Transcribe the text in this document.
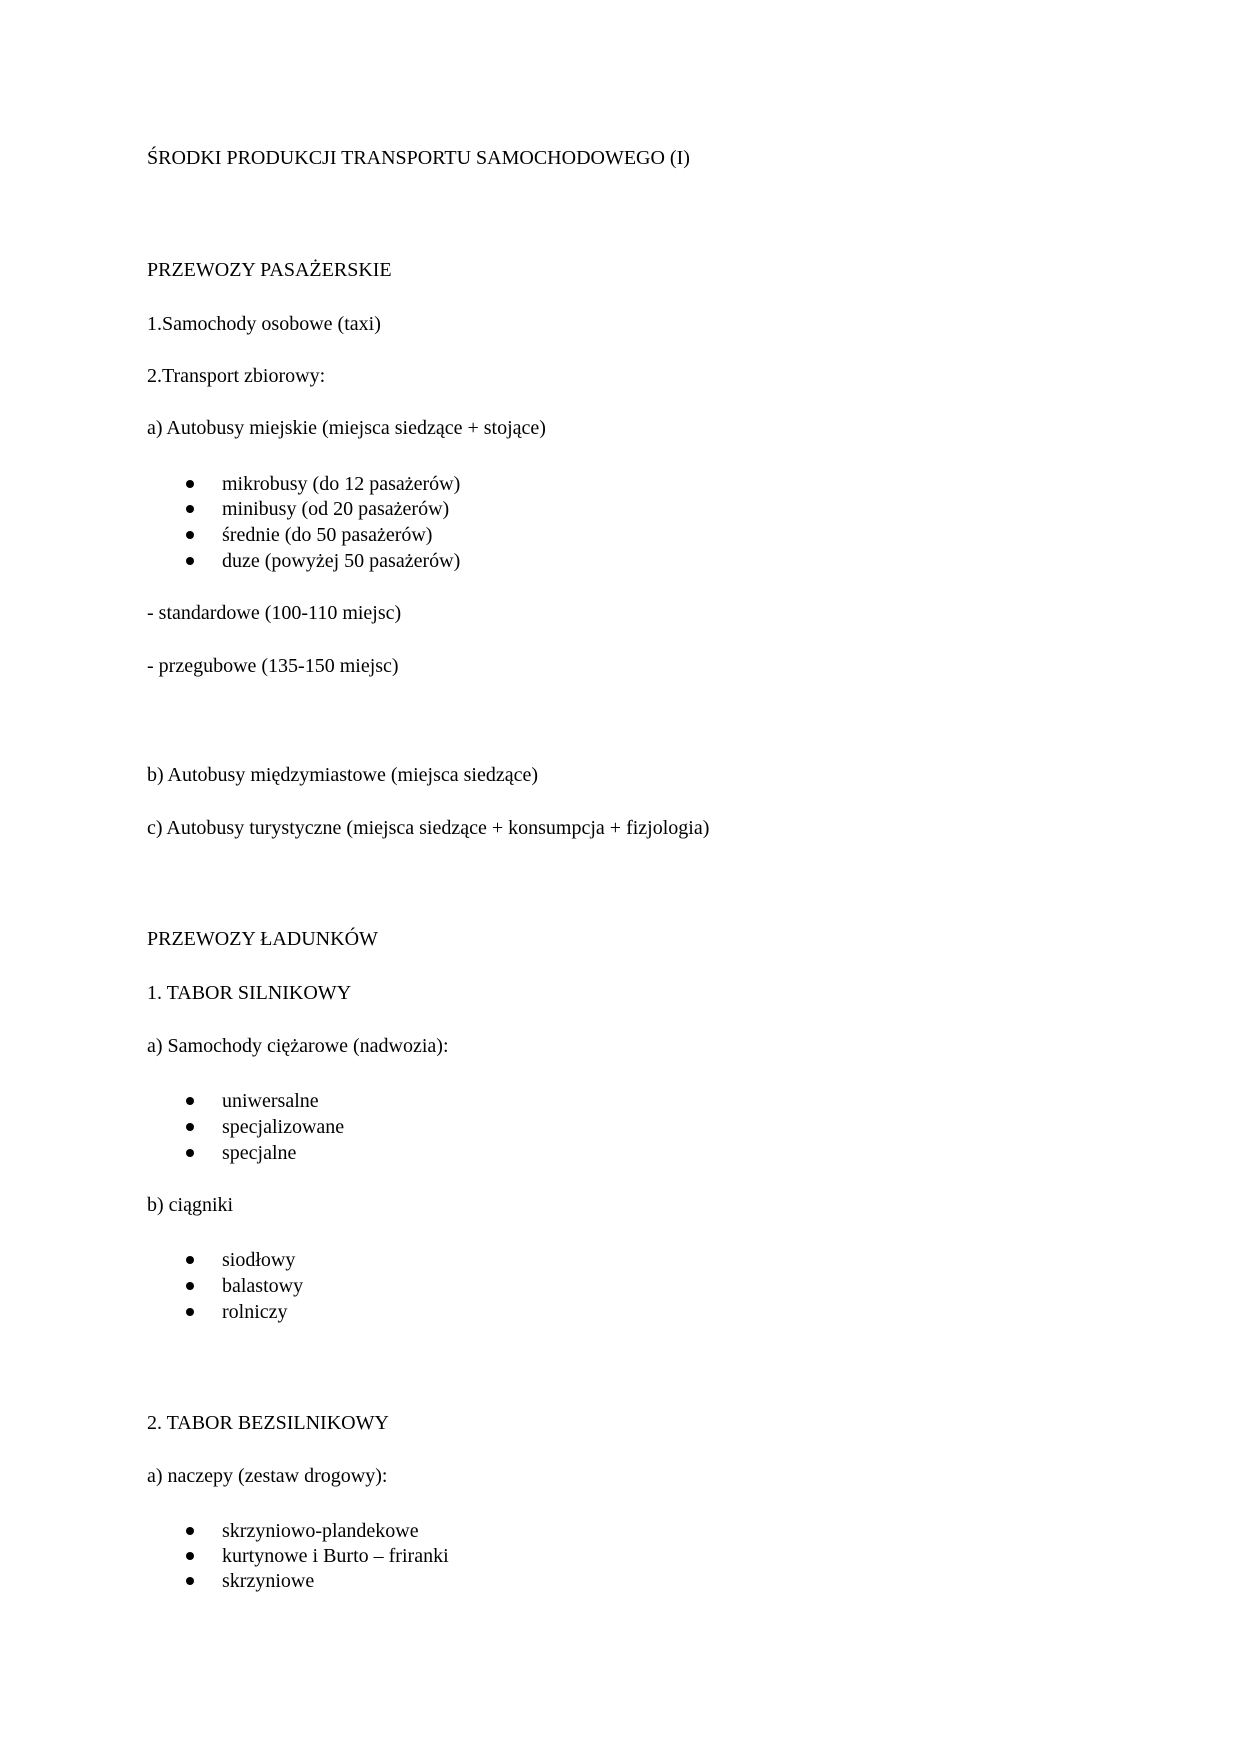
ŚRODKI PRODUKCJI TRANSPORTU SAMOCHODOWEGO (I)
PRZEWOZY PASAŻERSKIE
1.Samochody osobowe (taxi)
2.Transport zbiorowy:
a) Autobusy miejskie (miejsca siedzące + stojące)
mikrobusy (do 12 pasażerów)
minibusy (od 20 pasażerów)
średnie (do 50 pasażerów)
duze (powyżej 50 pasażerów)
- standardowe (100-110 miejsc)
- przegubowe (135-150 miejsc)
b) Autobusy międzymiastowe (miejsca siedzące)
c) Autobusy turystyczne (miejsca siedzące + konsumpcja + fizjologia)
PRZEWOZY ŁADUNKÓW
1. TABOR SILNIKOWY
a) Samochody ciężarowe (nadwozia):
uniwersalne
specjalizowane
specjalne
b) ciągniki
siodłowy
balastowy
rolniczy
2. TABOR BEZSILNIKOWY
a) naczepy (zestaw drogowy):
skrzyniowo-plandekowe
kurtynowe i Burto – friranki
skrzyniowe
